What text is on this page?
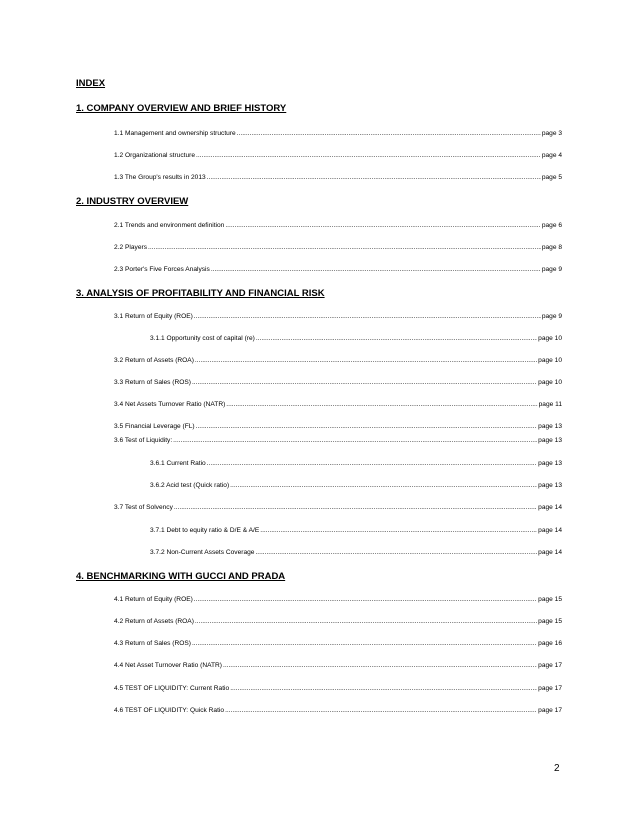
INDEX
1. COMPANY OVERVIEW AND BRIEF HISTORY
1.1 Management and ownership structure .....	page 3
1.2 Organizational structure .....	page 4
1.3 The Group's results in 2013 .....	page 5
2. INDUSTRY OVERVIEW
2.1 Trends and environment definition .....	page 6
2.2 Players .....	page 8
2.3 Porter's Five Forces Analysis .....	page 9
3. ANALYSIS OF PROFITABILITY AND FINANCIAL RISK
3.1 Return of Equity (ROE) .....	page 9
3.1.1 Opportunity cost of capital (re) .....	page 10
3.2 Return of Assets (ROA) .....	page 10
3.3 Return of Sales (ROS) .....	page 10
3.4 Net Assets Turnover Ratio (NATR) .....	page 11
3.5 Financial Leverage (FL) .....	page 13
3.6 Test of Liquidity: .....	page 13
3.6.1 Current Ratio .....	page 13
3.6.2 Acid test (Quick ratio) .....	page 13
3.7 Test of Solvency .....	page 14
3.7.1 Debt to equity ratio & D/E & A/E .....	page 14
3.7.2 Non-Current Assets Coverage .....	page 14
4. BENCHMARKING WITH GUCCI AND PRADA
4.1 Return of Equity (ROE) .....	page 15
4.2 Return of Assets (ROA) .....	page 15
4.3 Return of Sales (ROS) .....	page 16
4.4 Net Asset Turnover Ratio (NATR) .....	page 17
4.5 TEST OF LIQUIDITY: Current Ratio .....	page 17
4.6 TEST OF LIQUIDITY: Quick Ratio .....	page 17
2
